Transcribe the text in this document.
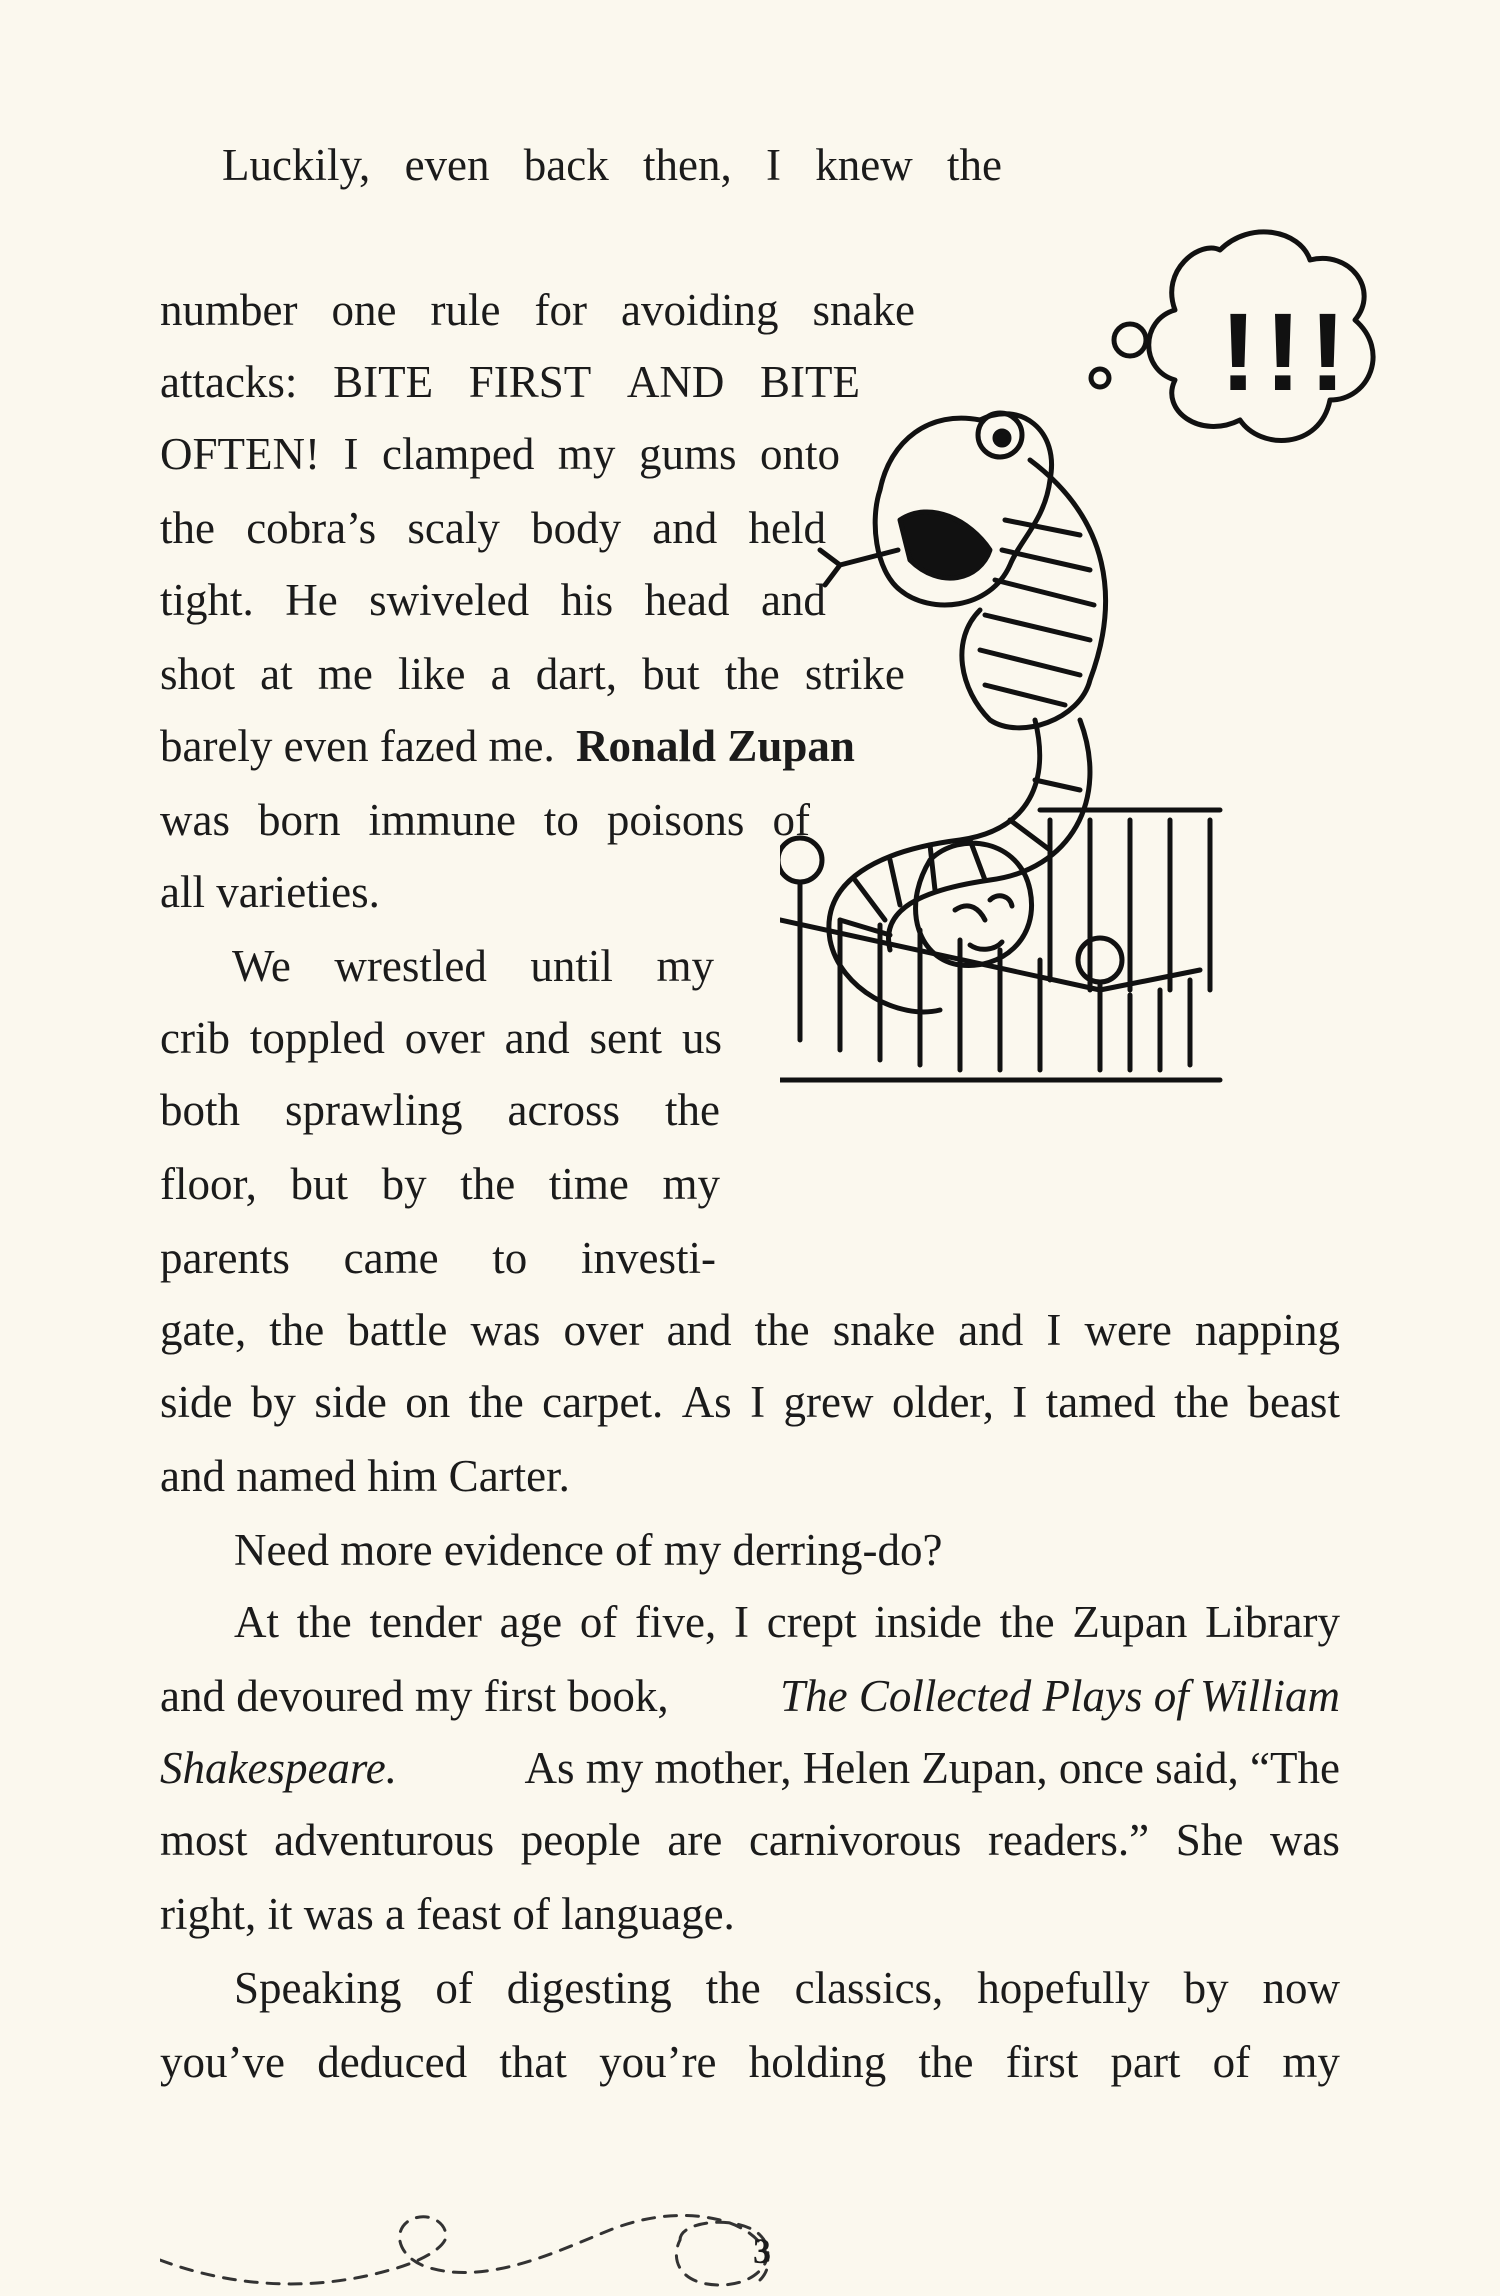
Luckily, even back then, I knew the

number one rule for avoiding snake

attacks: BITE FIRST AND BITE

OFTEN! I clamped my gums onto

the cobra’s scaly body and held

tight. He swiveled his head and

shot at me like a dart, but the strike

barely even fazed me. Ronald Zupan

was born immune to poisons of

all varieties.

We wrestled until my

crib toppled over and sent us

both sprawling across the

floor, but by the time my

parents came to investi-

gate, the battle was over and the snake and I were napping

side by side on the carpet. As I grew older, I tamed the beast

and named him Carter.

Need more evidence of my derring-do?

At the tender age of five, I crept inside the Zupan Library

and devoured my first book, The Collected Plays of William

Shakespeare.	As my mother, Helen Zupan, once said, “The

most adventurous people are carnivorous readers.” She was

right, it was a feast of language.

Speaking of digesting the classics, hopefully by now

you’ve deduced that you’re holding the first part of my

!!!
3
